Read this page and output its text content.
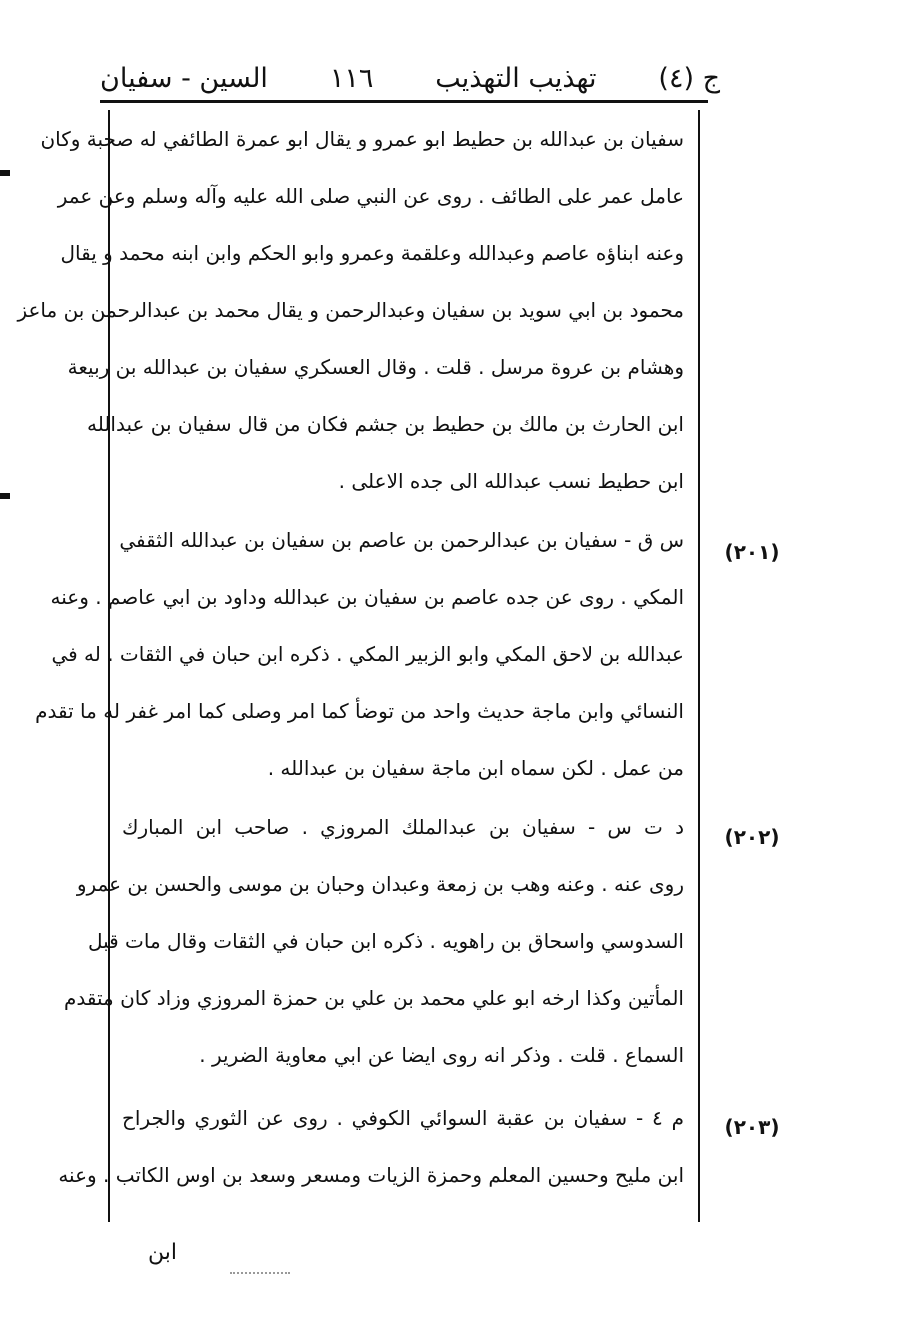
ج (٤)
تهذيب التهذيب
١١٦
السين - سفيان
سفيان بن عبدالله بن حطيط ابو عمرو و يقال ابو عمرة الطائفي له صحبة وكان
عامل عمر على الطائف . روى عن النبي صلى الله عليه وآله وسلم وعن عمر
وعنه ابناؤه عاصم وعبدالله وعلقمة وعمرو وابو الحكم وابن ابنه محمد و يقال
محمود بن ابي سويد بن سفيان وعبدالرحمن و يقال محمد بن عبدالرحمن بن ماعز
وهشام بن عروة مرسل . قلت . وقال العسكري سفيان بن عبدالله بن ربيعة
ابن الحارث بن مالك بن حطيط بن جشم فكان من قال سفيان بن عبدالله
ابن حطيط نسب عبدالله الى جده الاعلى .
(٢٠١)
س ق - سفيان بن عبدالرحمن بن عاصم بن سفيان بن عبدالله الثقفي
المكي . روى عن جده عاصم بن سفيان بن عبدالله وداود بن ابي عاصم . وعنه
عبدالله بن لاحق المكي وابو الزبير المكي . ذكره ابن حبان في الثقات . له في
النسائي وابن ماجة حديث واحد من توضأ كما امر وصلى كما امر غفر له ما تقدم
من عمل . لكن سماه ابن ماجة سفيان بن عبدالله .
(٢٠٢)
د ت س - سفيان بن عبدالملك المروزي . صاحب ابن المبارك
روى عنه . وعنه وهب بن زمعة وعبدان وحبان بن موسى والحسن بن عمرو
السدوسي واسحاق بن راهويه . ذكره ابن حبان في الثقات وقال مات قبل
المأتين وكذا ارخه ابو علي محمد بن علي بن حمزة المروزي وزاد كان متقدم
السماع . قلت . وذكر انه روى ايضا عن ابي معاوية الضرير .
(٢٠٣)
م ٤ - سفيان بن عقبة السوائي الكوفي . روى عن الثوري والجراح
ابن مليح وحسين المعلم وحمزة الزيات ومسعر وسعد بن اوس الكاتب . وعنه
ابن
